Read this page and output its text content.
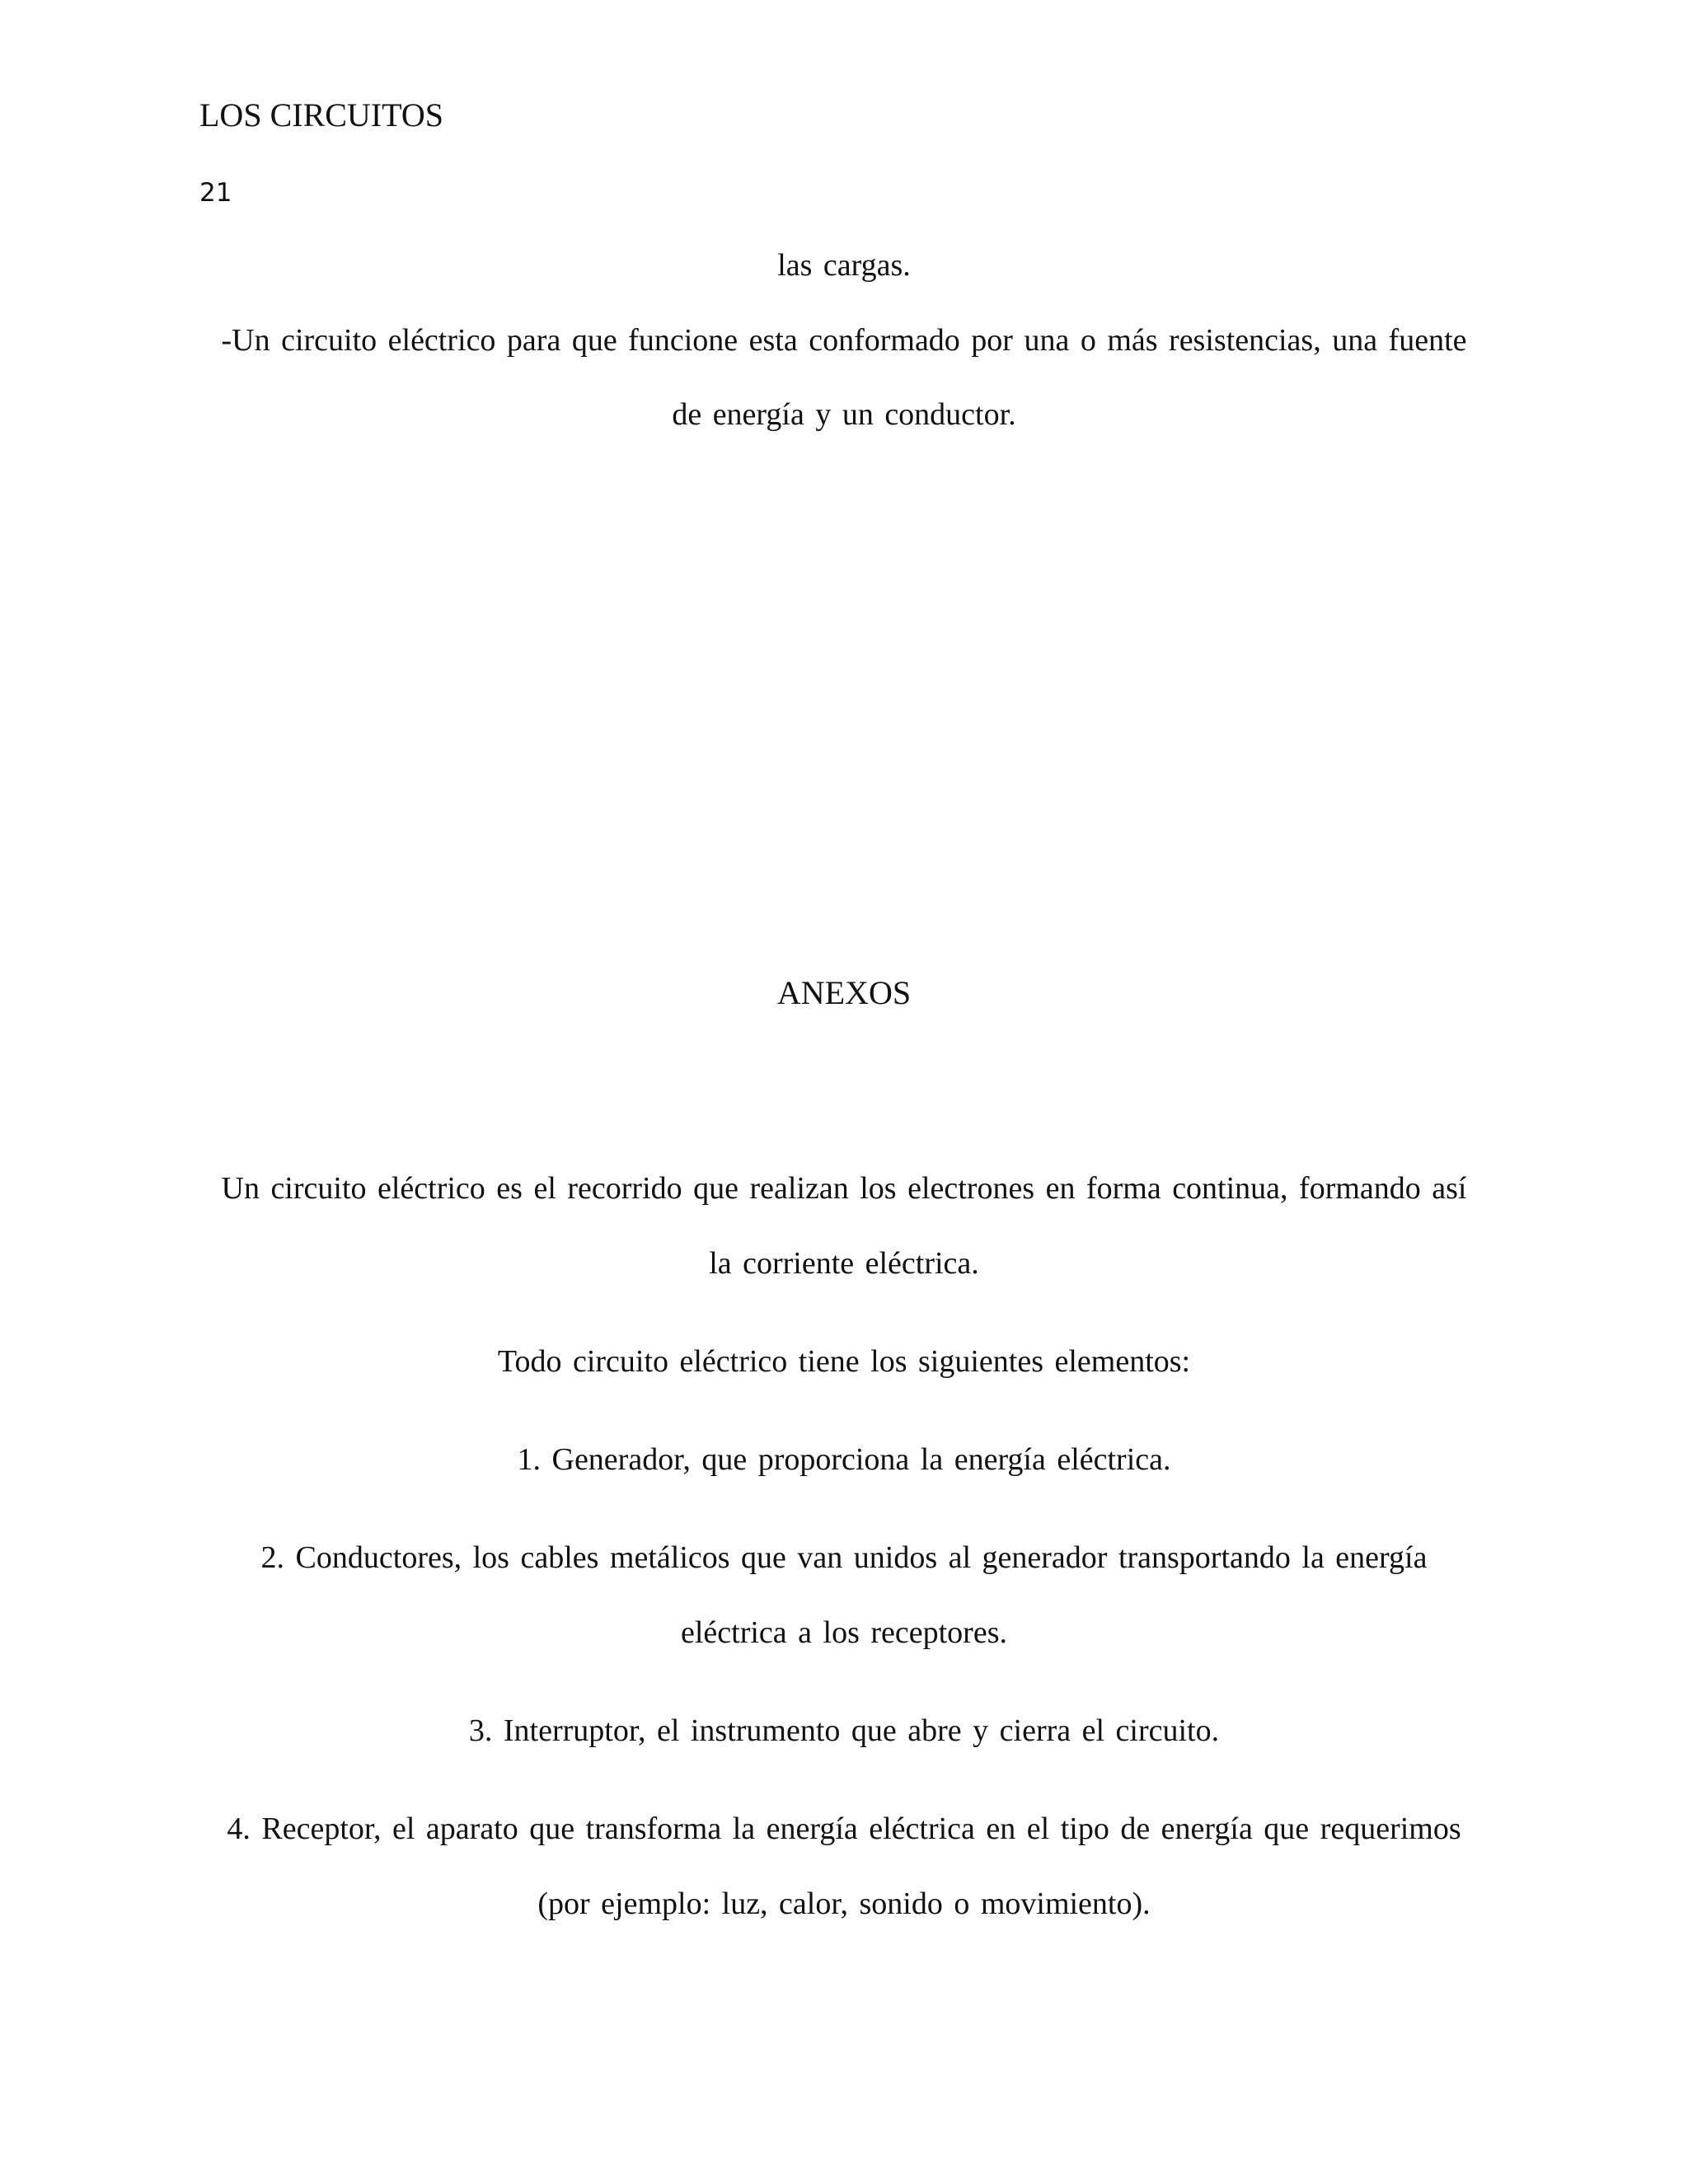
LOS CIRCUITOS
21
las cargas.
-Un circuito eléctrico para que funcione esta conformado por una o más resistencias, una fuente
de energía y un conductor.
ANEXOS
Un circuito eléctrico es el recorrido que realizan los electrones en forma continua, formando así
la corriente eléctrica.
Todo circuito eléctrico tiene los siguientes elementos:
1. Generador, que proporciona la energía eléctrica.
2. Conductores, los cables metálicos que van unidos al generador transportando la energía
eléctrica a los receptores.
3. Interruptor, el instrumento que abre y cierra el circuito.
4. Receptor, el aparato que transforma la energía eléctrica en el tipo de energía que requerimos
(por ejemplo: luz, calor, sonido o movimiento).
